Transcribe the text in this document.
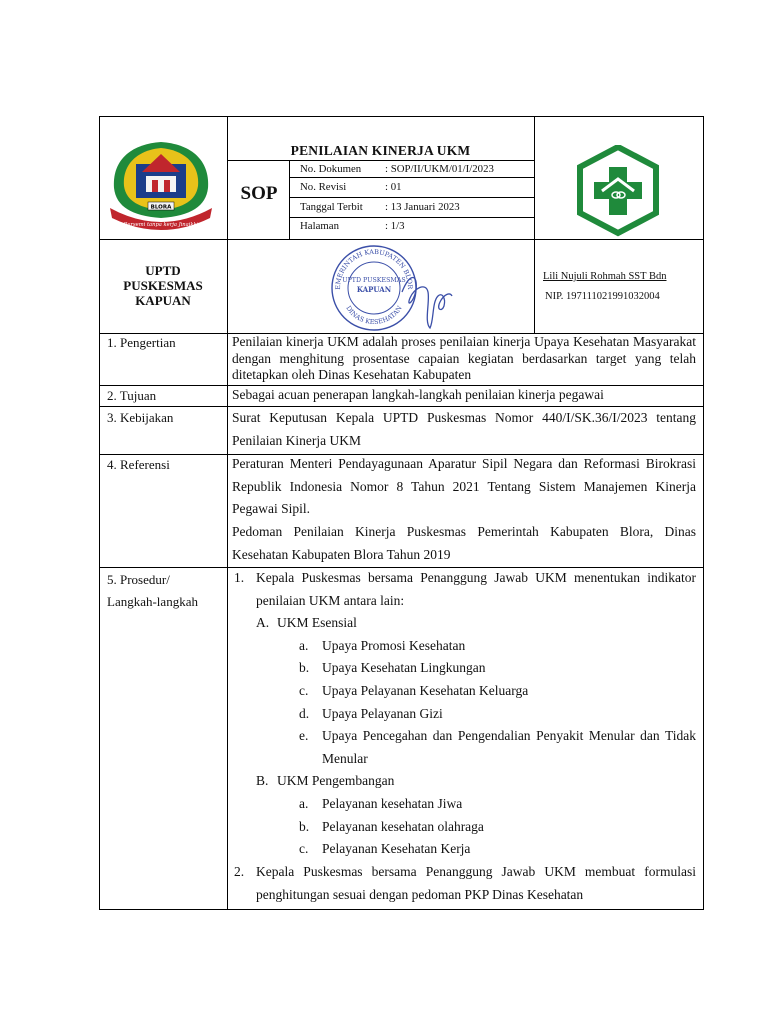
BLORA
Bersemi tanpa kerja Jinaikki
PENILAIAN KINERJA UKM
SOP
No. Dokumen : SOP/II/UKM/01/I/2023
No. Revisi	: 01
Tanggal Terbit : 13 Januari 2023
Halaman	: 1/3
UPTD
PUSKESMAS
KAPUAN
EMERINTAH KABUPATEN BLOR
DINAS KESEHATAN
UPTD PUSKESMAS
KAPUAN
Lili Nujuli Rohmah SST Bdn
NIP. 197111021991032004
1. Pengertian
2. Tujuan
3. Kebijakan
4. Referensi
5. Prosedur/
Langkah-langkah
Penilaian kinerja UKM adalah proses penilaian kinerja Upaya Kesehatan Masyarakat dengan menghitung prosentase capaian kegiatan berdasarkan target yang telah ditetapkan oleh Dinas Kesehatan Kabupaten
Sebagai acuan penerapan langkah-langkah penilaian kinerja pegawai
Surat Keputusan Kepala UPTD Puskesmas Nomor 440/I/SK.36/I/2023 tentang Penilaian Kinerja UKM
Peraturan Menteri Pendayagunaan Aparatur Sipil Negara dan Reformasi Birokrasi Republik Indonesia Nomor 8 Tahun 2021 Tentang Sistem Manajemen Kinerja Pegawai Sipil.
Pedoman Penilaian Kinerja Puskesmas Pemerintah Kabupaten Blora, Dinas Kesehatan Kabupaten Blora Tahun 2019
1. Kepala Puskesmas bersama Penanggung Jawab UKM menentukan indikator penilaian UKM antara lain:
A. UKM Esensial
a. Upaya Promosi Kesehatan
b. Upaya Kesehatan Lingkungan
c. Upaya Pelayanan Kesehatan Keluarga
d. Upaya Pelayanan Gizi
e. Upaya Pencegahan dan Pengendalian Penyakit Menular dan Tidak Menular
B. UKM Pengembangan
a. Pelayanan kesehatan Jiwa
b. Pelayanan kesehatan olahraga
c. Pelayanan Kesehatan Kerja
2. Kepala Puskesmas bersama Penanggung Jawab UKM membuat formulasi penghitungan sesuai dengan pedoman PKP Dinas Kesehatan
